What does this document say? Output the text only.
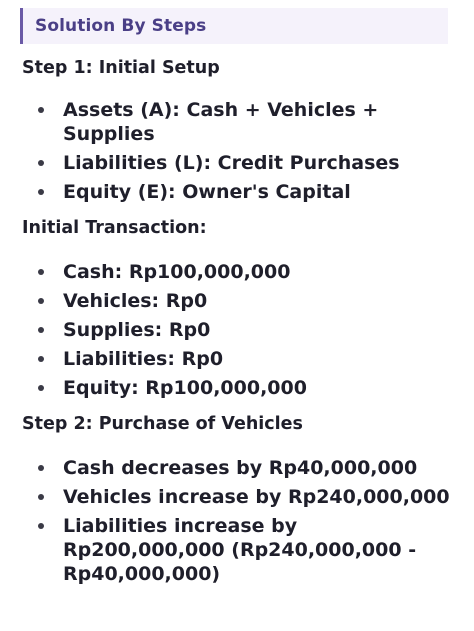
Solution By Steps
Step 1: Initial Setup
Assets (A): Cash + Vehicles + Supplies
Liabilities (L): Credit Purchases
Equity (E): Owner's Capital
Initial Transaction:
Cash: Rp100,000,000
Vehicles: Rp0
Supplies: Rp0
Liabilities: Rp0
Equity: Rp100,000,000
Step 2: Purchase of Vehicles
Cash decreases by Rp40,000,000
Vehicles increase by Rp240,000,000
Liabilities increase by Rp200,000,000 (Rp240,000,000 - Rp40,000,000)
